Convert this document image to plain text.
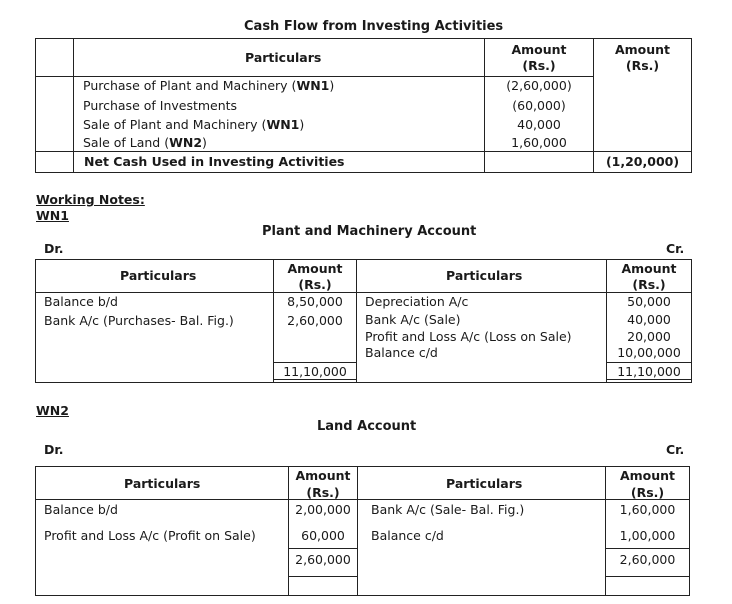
Cash Flow from Investing Activities
Particulars
Amount
(Rs.)
Amount
(Rs.)
Purchase of Plant and Machinery (WN1)	(2,60,000)
Purchase of Investments	(60,000)
Sale of Plant and Machinery (WN1)	40,000
Sale of Land (WN2)	1,60,000
Net Cash Used in Investing Activities	(1,20,000)
Working Notes:
WN1
Plant and Machinery Account
Dr.	Cr.
Particulars	Amount
(Rs.)
Particulars	Amount
(Rs.)
Balance b/d	8,50,000
Bank A/c (Purchases- Bal. Fig.)	2,60,000
Depreciation A/c	50,000
Bank A/c (Sale)	40,000
Profit and Loss A/c (Loss on Sale)	20,000
Balance c/d	10,00,000
11,10,000	11,10,000
WN2
Land Account
Dr.	Cr.
Particulars
Amount
(Rs.)
Particulars
Amount
(Rs.)
Balance b/d	2,00,000
Profit and Loss A/c (Profit on Sale)	60,000
Bank A/c (Sale- Bal. Fig.)	1,60,000
Balance c/d	1,00,000
2,60,000	2,60,000
